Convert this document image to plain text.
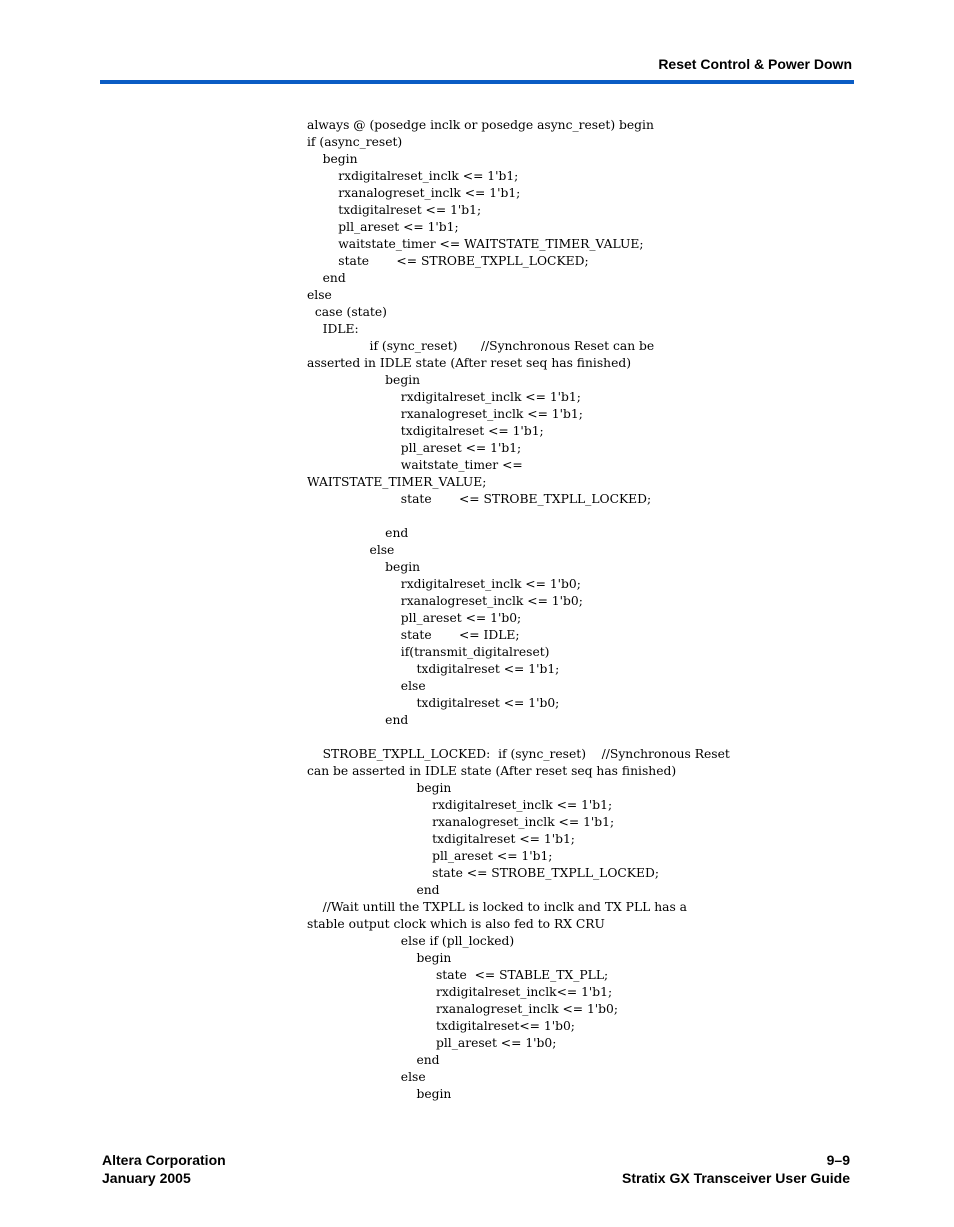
Reset Control & Power Down
always @ (posedge inclk or posedge async_reset) begin
if (async_reset)
begin
rxdigitalreset_inclk <= 1'b1;
rxanalogreset_inclk <= 1'b1;
txdigitalreset <= 1'b1;
pll_areset <= 1'b1;
waitstate_timer <= WAITSTATE_TIMER_VALUE;
state       <= STROBE_TXPLL_LOCKED;
end
else
case (state)
IDLE:
if (sync_reset)      //Synchronous Reset can be
asserted in IDLE state (After reset seq has finished)
begin
rxdigitalreset_inclk <= 1'b1;
rxanalogreset_inclk <= 1'b1;
txdigitalreset <= 1'b1;
pll_areset <= 1'b1;
waitstate_timer <=
WAITSTATE_TIMER_VALUE;
state       <= STROBE_TXPLL_LOCKED;
end
else
begin
rxdigitalreset_inclk <= 1'b0;
rxanalogreset_inclk <= 1'b0;
pll_areset <= 1'b0;
state       <= IDLE;
if(transmit_digitalreset)
txdigitalreset <= 1'b1;
else
txdigitalreset <= 1'b0;
end
STROBE_TXPLL_LOCKED:  if (sync_reset)    //Synchronous Reset
can be asserted in IDLE state (After reset seq has finished)
begin
rxdigitalreset_inclk <= 1'b1;
rxanalogreset_inclk <= 1'b1;
txdigitalreset <= 1'b1;
pll_areset <= 1'b1;
state <= STROBE_TXPLL_LOCKED;
end
//Wait untill the TXPLL is locked to inclk and TX PLL has a
stable output clock which is also fed to RX CRU
else if (pll_locked)
begin
state  <= STABLE_TX_PLL;
rxdigitalreset_inclk<= 1'b1;
rxanalogreset_inclk <= 1'b0;
txdigitalreset<= 1'b0;
pll_areset <= 1'b0;
end
else
begin
Altera Corporation
January 2005
9–9
Stratix GX Transceiver User Guide
